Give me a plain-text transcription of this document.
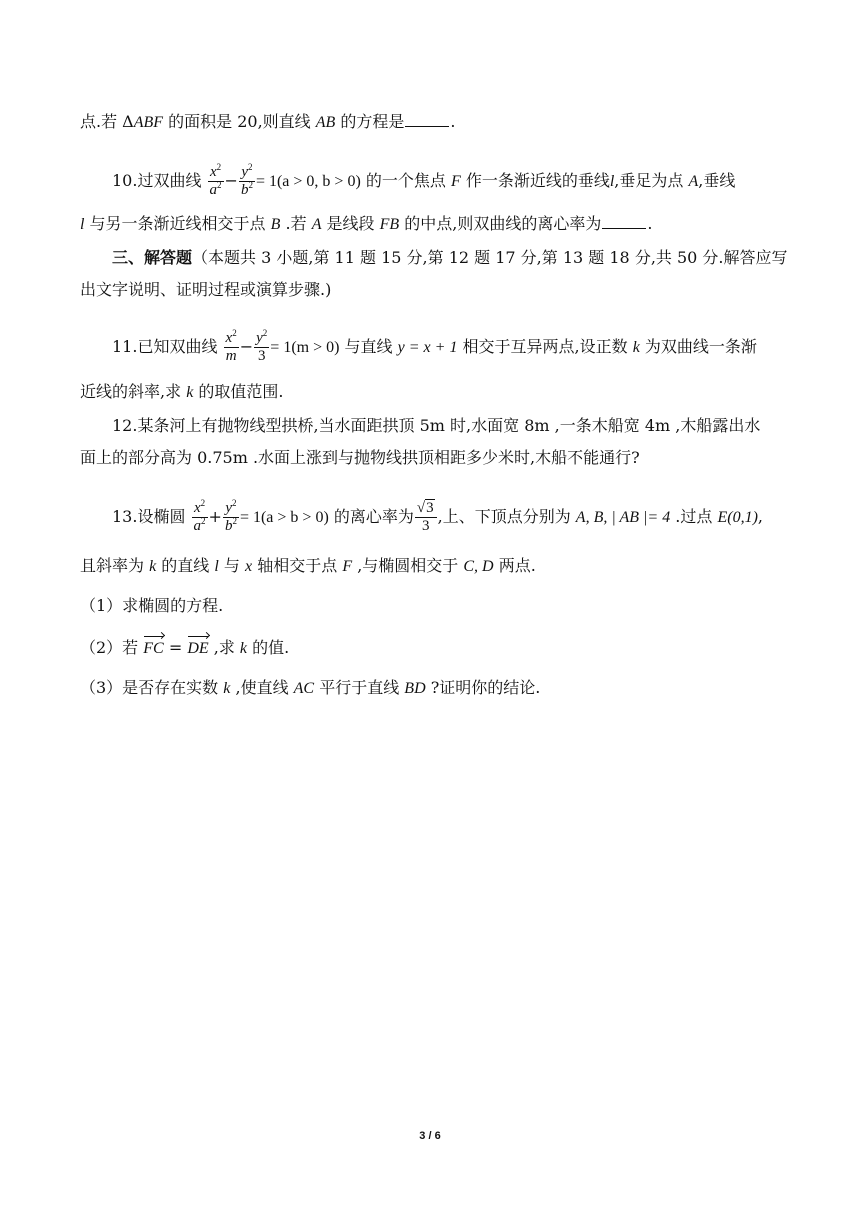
点.若 ΔABF 的面积是 20,则直线 AB 的方程是	.
10.过双曲线 $\frac{x^2}{a^2} - \frac{y^2}{b^2} = 1(a > 0$, b > 0) 的一个焦点 F 作一条渐近线的垂线l,垂足为点 A,垂线
l 与另一条渐近线相交于点 B .若 A 是线段 FB 的中点,则双曲线的离心率为	.
三、解答题（本题共 3 小题,第 11 题 15 分,第 12 题 17 分,第 13 题 18 分,共 50 分.解答应写
出文字说明、证明过程或演算步骤.)
11.已知双曲线 $\frac{x^2}{m} - \frac{y^2}{3} = 1(m > 0)$ 与直线 y = x + 1 相交于互异两点,设正数 k 为双曲线一条渐
近线的斜率,求 k 的取值范围.
12.某条河上有抛物线型拱桥,当水面距拱顶 5m 时,水面宽 8m ,一条木船宽 4m ,木船露出水
面上的部分高为 0.75m .水面上涨到与抛物线拱顶相距多少米时,木船不能通行?
13.设椭圆 $\frac{x^2}{a^2} + \frac{y^2}{b^2} = 1(a > b > 0)$ 的离心率为 $\frac{√3}{3}$ ,上、下顶点分别为 A, B, | AB |= 4 .过点 E(0,1),
且斜率为 k 的直线 l 与 x 轴相交于点 F ,与椭圆相交于 C, D 两点.
（1）求椭圆的方程.
（2）若 FC = DE ,求 k 的值.
（3）是否存在实数 k ,使直线 AC 平行于直线 BD ?证明你的结论.
3 / 6
